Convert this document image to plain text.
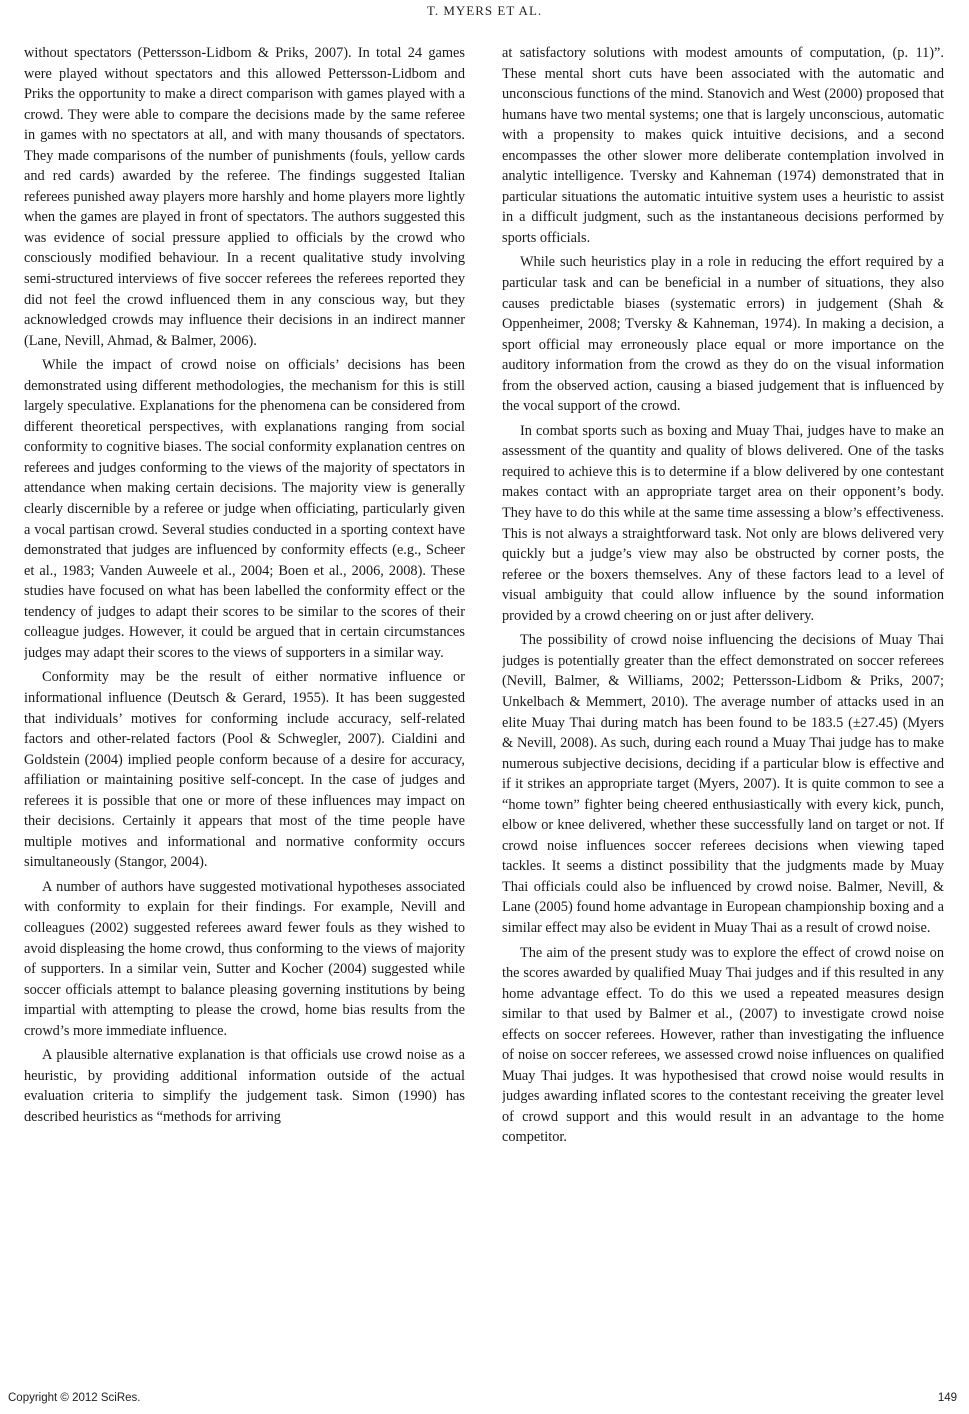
T. MYERS ET AL.

without spectators (Pettersson-Lidbom & Priks, 2007). In total 24 games were played without spectators and this allowed Pettersson-Lidbom and Priks the opportunity to make a direct comparison with games played with a crowd. They were able to compare the decisions made by the same referee in games with no spectators at all, and with many thousands of spectators. They made comparisons of the number of punishments (fouls, yellow cards and red cards) awarded by the referee. The findings suggested Italian referees punished away players more harshly and home players more lightly when the games are played in front of spectators. The authors suggested this was evidence of social pressure applied to officials by the crowd who consciously modified behaviour. In a recent qualitative study involving semi-structured interviews of five soccer referees the referees reported they did not feel the crowd influenced them in any conscious way, but they acknowledged crowds may influence their decisions in an indirect manner (Lane, Nevill, Ahmad, & Balmer, 2006).

While the impact of crowd noise on officials’ decisions has been demonstrated using different methodologies, the mechanism for this is still largely speculative. Explanations for the phenomena can be considered from different theoretical perspectives, with explanations ranging from social conformity to cognitive biases. The social conformity explanation centres on referees and judges conforming to the views of the majority of spectators in attendance when making certain decisions. The majority view is generally clearly discernible by a referee or judge when officiating, particularly given a vocal partisan crowd. Several studies conducted in a sporting context have demonstrated that judges are influenced by conformity effects (e.g., Scheer et al., 1983; Vanden Auweele et al., 2004; Boen et al., 2006, 2008). These studies have focused on what has been labelled the conformity effect or the tendency of judges to adapt their scores to be similar to the scores of their colleague judges. However, it could be argued that in certain circumstances judges may adapt their scores to the views of supporters in a similar way.

Conformity may be the result of either normative influence or informational influence (Deutsch & Gerard, 1955). It has been suggested that individuals’ motives for conforming include accuracy, self-related factors and other-related factors (Pool & Schwegler, 2007). Cialdini and Goldstein (2004) implied people conform because of a desire for accuracy, affiliation or maintaining positive self-concept. In the case of judges and referees it is possible that one or more of these influences may impact on their decisions. Certainly it appears that most of the time people have multiple motives and informational and normative conformity occurs simultaneously (Stangor, 2004).

A number of authors have suggested motivational hypotheses associated with conformity to explain for their findings. For example, Nevill and colleagues (2002) suggested referees award fewer fouls as they wished to avoid displeasing the home crowd, thus conforming to the views of majority of supporters. In a similar vein, Sutter and Kocher (2004) suggested while soccer officials attempt to balance pleasing governing institutions by being impartial with attempting to please the crowd, home bias results from the crowd’s more immediate influence.

A plausible alternative explanation is that officials use crowd noise as a heuristic, by providing additional information outside of the actual evaluation criteria to simplify the judgement task. Simon (1990) has described heuristics as “methods for arriving

at satisfactory solutions with modest amounts of computation, (p. 11)”. These mental short cuts have been associated with the automatic and unconscious functions of the mind. Stanovich and West (2000) proposed that humans have two mental systems; one that is largely unconscious, automatic with a propensity to makes quick intuitive decisions, and a second encompasses the other slower more deliberate contemplation involved in analytic intelligence. Tversky and Kahneman (1974) demonstrated that in particular situations the automatic intuitive system uses a heuristic to assist in a difficult judgment, such as the instantaneous decisions performed by sports officials.

While such heuristics play in a role in reducing the effort required by a particular task and can be beneficial in a number of situations, they also causes predictable biases (systematic errors) in judgement (Shah & Oppenheimer, 2008; Tversky & Kahneman, 1974). In making a decision, a sport official may erroneously place equal or more importance on the auditory information from the crowd as they do on the visual information from the observed action, causing a biased judgement that is influenced by the vocal support of the crowd.

In combat sports such as boxing and Muay Thai, judges have to make an assessment of the quantity and quality of blows delivered. One of the tasks required to achieve this is to determine if a blow delivered by one contestant makes contact with an appropriate target area on their opponent’s body. They have to do this while at the same time assessing a blow’s effectiveness. This is not always a straightforward task. Not only are blows delivered very quickly but a judge’s view may also be obstructed by corner posts, the referee or the boxers themselves. Any of these factors lead to a level of visual ambiguity that could allow influence by the sound information provided by a crowd cheering on or just after delivery.

The possibility of crowd noise influencing the decisions of Muay Thai judges is potentially greater than the effect demonstrated on soccer referees (Nevill, Balmer, & Williams, 2002; Pettersson-Lidbom & Priks, 2007; Unkelbach & Memmert, 2010). The average number of attacks used in an elite Muay Thai during match has been found to be 183.5 (±27.45) (Myers & Nevill, 2008). As such, during each round a Muay Thai judge has to make numerous subjective decisions, deciding if a particular blow is effective and if it strikes an appropriate target (Myers, 2007). It is quite common to see a “home town” fighter being cheered enthusiastically with every kick, punch, elbow or knee delivered, whether these successfully land on target or not. If crowd noise influences soccer referees decisions when viewing taped tackles. It seems a distinct possibility that the judgments made by Muay Thai officials could also be influenced by crowd noise. Balmer, Nevill, & Lane (2005) found home advantage in European championship boxing and a similar effect may also be evident in Muay Thai as a result of crowd noise.

The aim of the present study was to explore the effect of crowd noise on the scores awarded by qualified Muay Thai judges and if this resulted in any home advantage effect. To do this we used a repeated measures design similar to that used by Balmer et al., (2007) to investigate crowd noise effects on soccer referees. However, rather than investigating the influence of noise on soccer referees, we assessed crowd noise influences on qualified Muay Thai judges. It was hypothesised that crowd noise would results in judges awarding inflated scores to the contestant receiving the greater level of crowd support and this would result in an advantage to the home competitor.

Copyright © 2012 SciRes.	149
